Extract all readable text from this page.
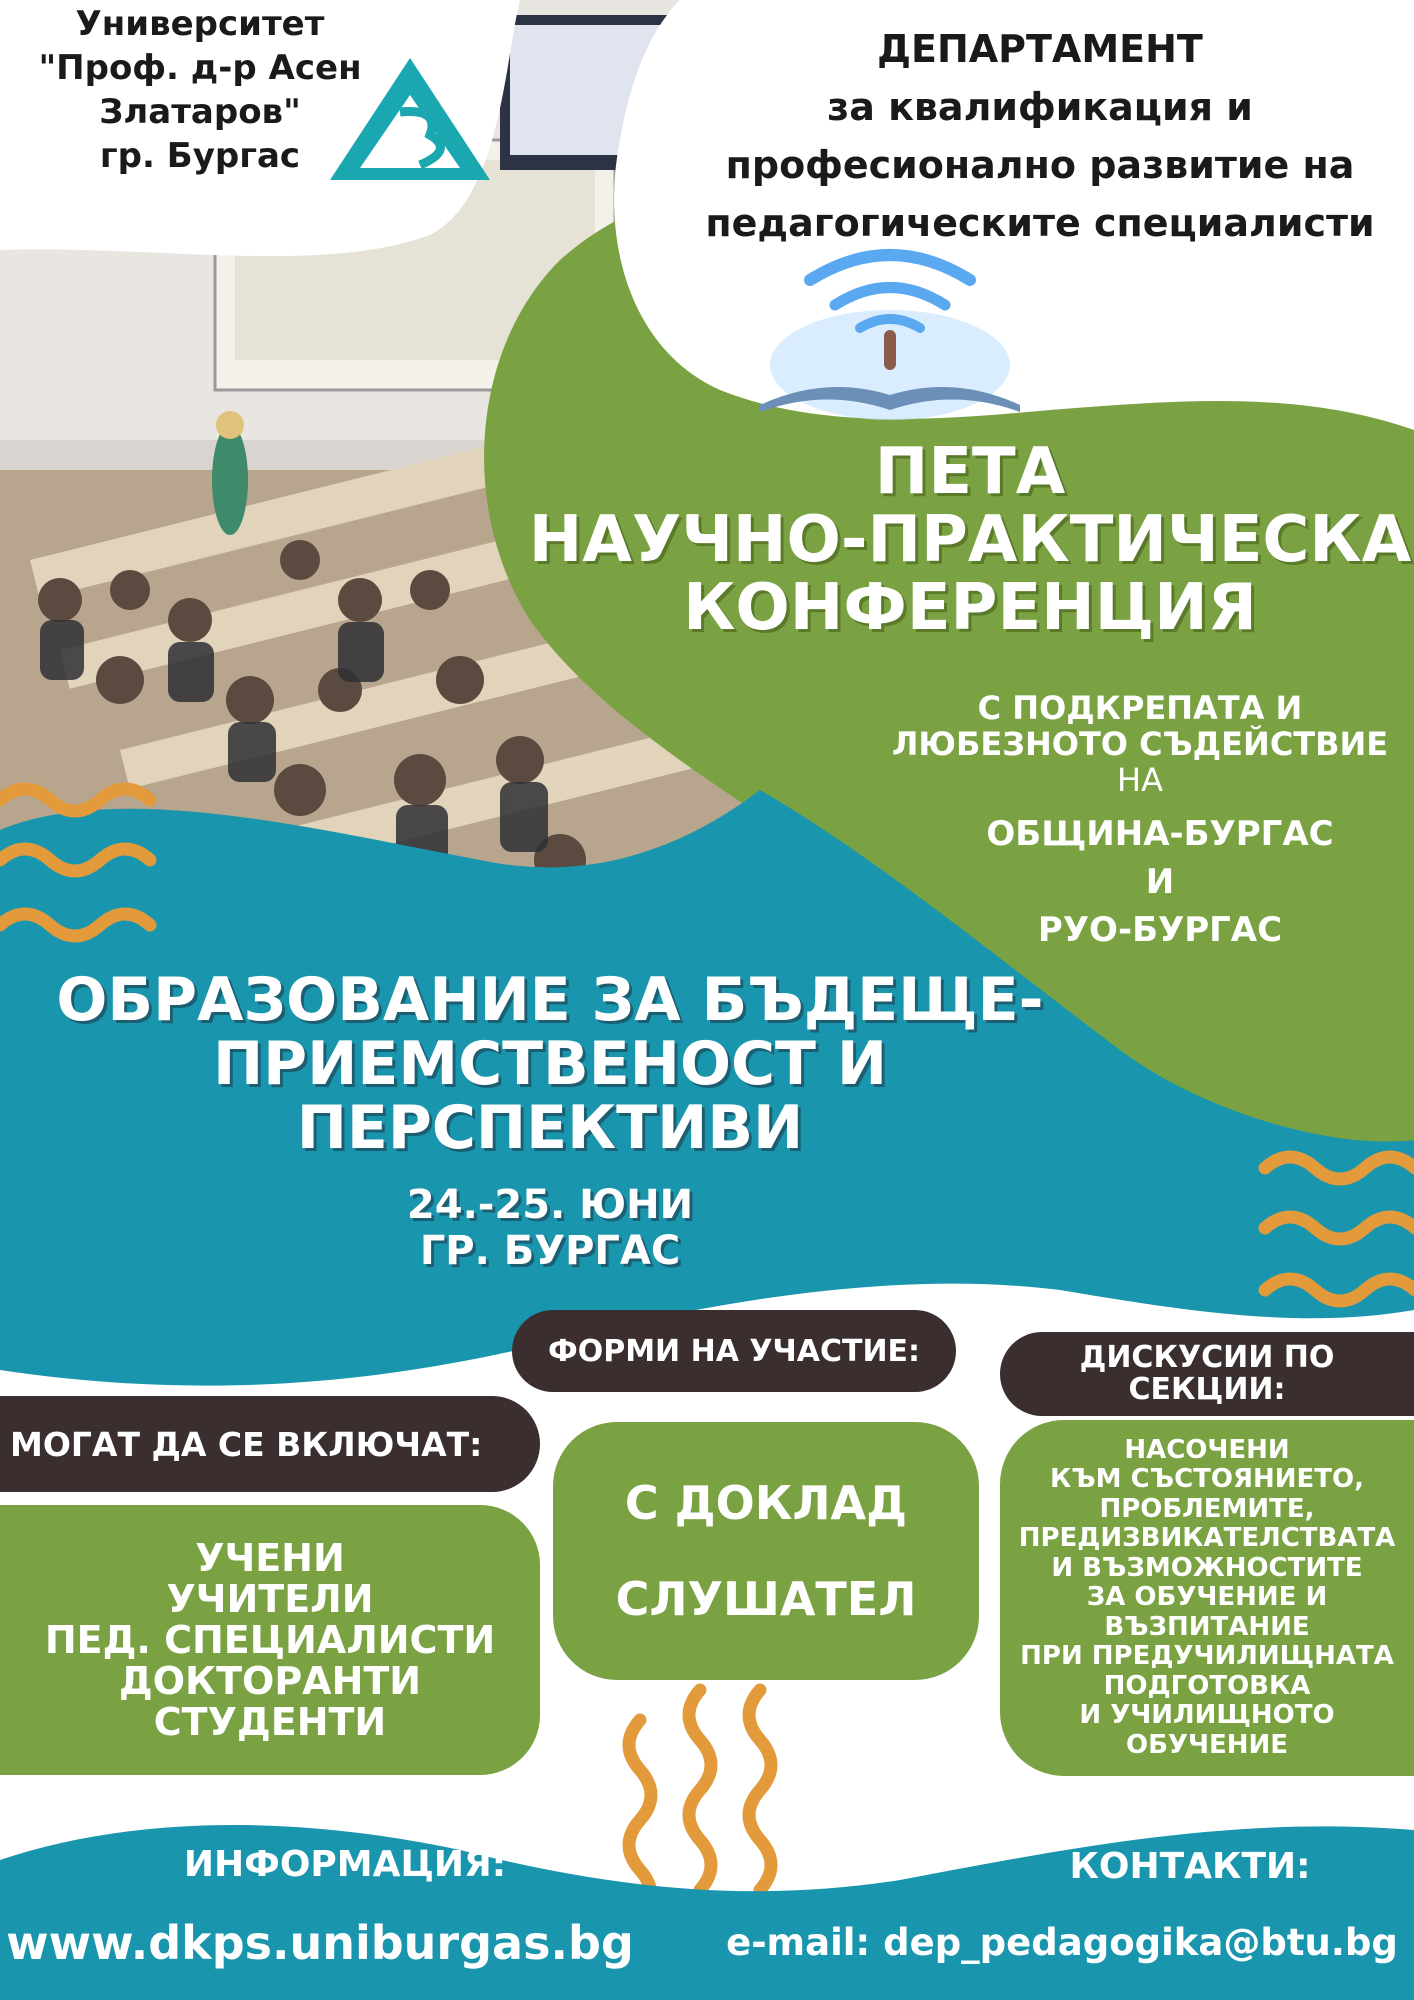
Университет
"Проф. д-р Асен
Златаров"
гр. Бургас
ДЕПАРТАМЕНТ
за квалификация и
професионално развитие на
педагогическите специалисти
ПЕТА
НАУЧНО-ПРАКТИЧЕСКА
КОНФЕРЕНЦИЯ
С ПОДКРЕПАТА И
ЛЮБЕЗНОТО СЪДЕЙСТВИЕ
НА
ОБЩИНА-БУРГАС
И
РУО-БУРГАС
ОБРАЗОВАНИЕ ЗА БЪДЕЩЕ-
ПРИЕМСТВЕНОСТ И
ПЕРСПЕКТИВИ
24.-25. ЮНИ
ГР. БУРГАС
ФОРМИ НА УЧАСТИЕ:	ДИСКУСИИ ПО
СЕКЦИИ:
МОГАТ ДА СЕ ВКЛЮЧАТ:
УЧЕНИ
УЧИТЕЛИ
ПЕД. СПЕЦИАЛИСТИ
ДОКТОРАНТИ
СТУДЕНТИ
С ДОКЛАД
СЛУШАТЕЛ
НАСОЧЕНИ
КЪМ СЪСТОЯНИЕТО,
ПРОБЛЕМИТЕ,
ПРЕДИЗВИКАТЕЛСТВАТА
И ВЪЗМОЖНОСТИТЕ
ЗА ОБУЧЕНИЕ И
ВЪЗПИТАНИЕ
ПРИ ПРЕДУЧИЛИЩНАТА
ПОДГОТОВКА
И УЧИЛИЩНОТО
ОБУЧЕНИЕ
ИНФОРМАЦИЯ:
www.dkps.uniburgas.bg
КОНТАКТИ:
e-mail: dep_pedagogika@btu.bg
